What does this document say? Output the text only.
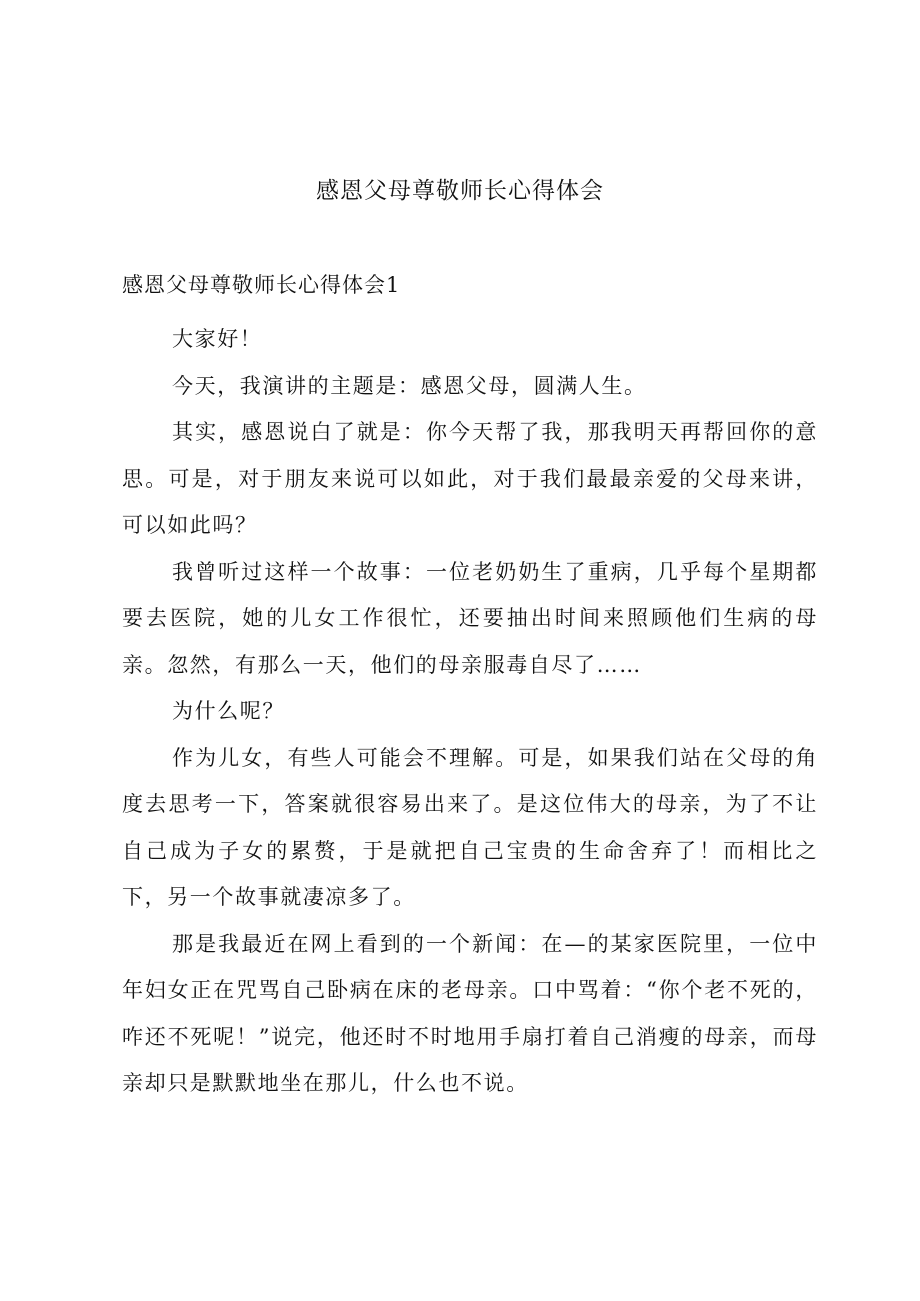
感恩父母尊敬师长心得体会
感恩父母尊敬师长心得体会1

大家好！

今天，我演讲的主题是：感恩父母，圆满人生。

其实，感恩说白了就是：你今天帮了我，那我明天再帮回你的意思。可是，对于朋友来说可以如此，对于我们最最亲爱的父母来讲，可以如此吗？

我曾听过这样一个故事：一位老奶奶生了重病，几乎每个星期都要去医院，她的儿女工作很忙，还要抽出时间来照顾他们生病的母亲。忽然，有那么一天，他们的母亲服毒自尽了……

为什么呢？

作为儿女，有些人可能会不理解。可是，如果我们站在父母的角度去思考一下，答案就很容易出来了。是这位伟大的母亲，为了不让自己成为子女的累赘，于是就把自己宝贵的生命舍弃了！而相比之下，另一个故事就凄凉多了。

那是我最近在网上看到的一个新闻：在—的某家医院里，一位中年妇女正在咒骂自己卧病在床的老母亲。口中骂着：“你个老不死的，咋还不死呢！”说完，他还时不时地用手扇打着自己消瘦的母亲，而母亲却只是默默地坐在那儿，什么也不说。
